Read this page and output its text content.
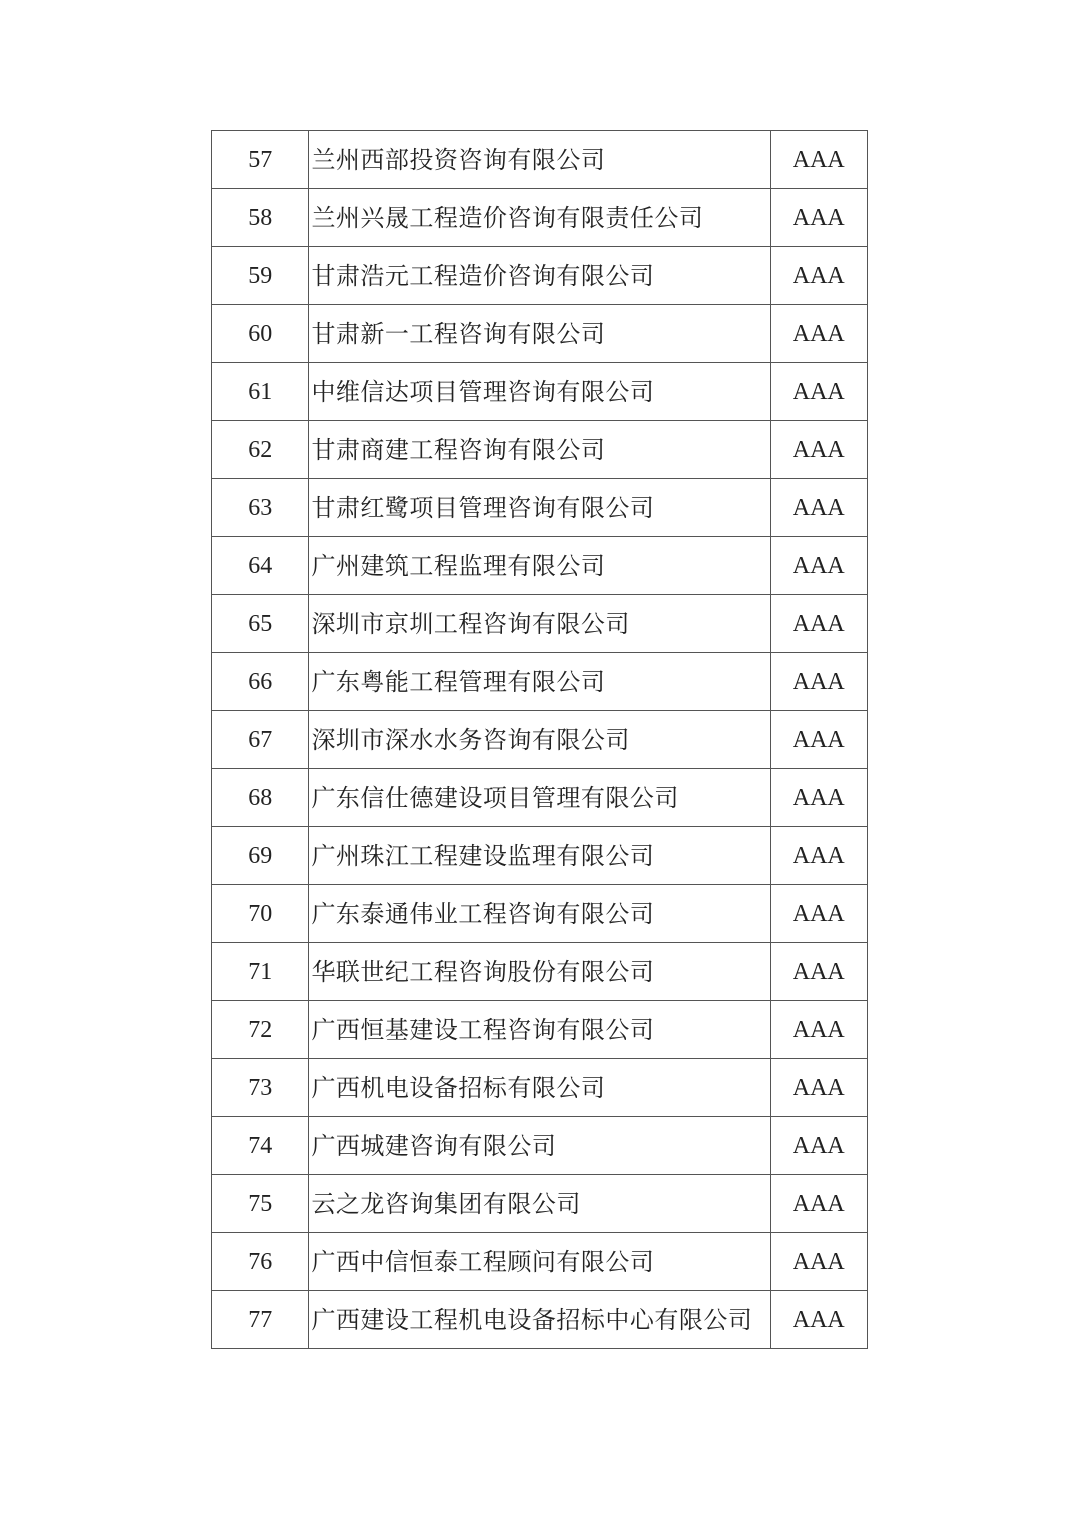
57	兰州西部投资咨询有限公司	AAA
58	兰州兴晟工程造价咨询有限责任公司	AAA
59	甘肃浩元工程造价咨询有限公司	AAA
60	甘肃新一工程咨询有限公司	AAA
61	中维信达项目管理咨询有限公司	AAA
62	甘肃商建工程咨询有限公司	AAA
63	甘肃红鹭项目管理咨询有限公司	AAA
64	广州建筑工程监理有限公司	AAA
65	深圳市京圳工程咨询有限公司	AAA
66	广东粤能工程管理有限公司	AAA
67	深圳市深水水务咨询有限公司	AAA
68	广东信仕德建设项目管理有限公司	AAA
69	广州珠江工程建设监理有限公司	AAA
70	广东泰通伟业工程咨询有限公司	AAA
71	华联世纪工程咨询股份有限公司	AAA
72	广西恒基建设工程咨询有限公司	AAA
73	广西机电设备招标有限公司	AAA
74	广西城建咨询有限公司	AAA
75	云之龙咨询集团有限公司	AAA
76	广西中信恒泰工程顾问有限公司	AAA
77	广西建设工程机电设备招标中心有限公司	AAA
